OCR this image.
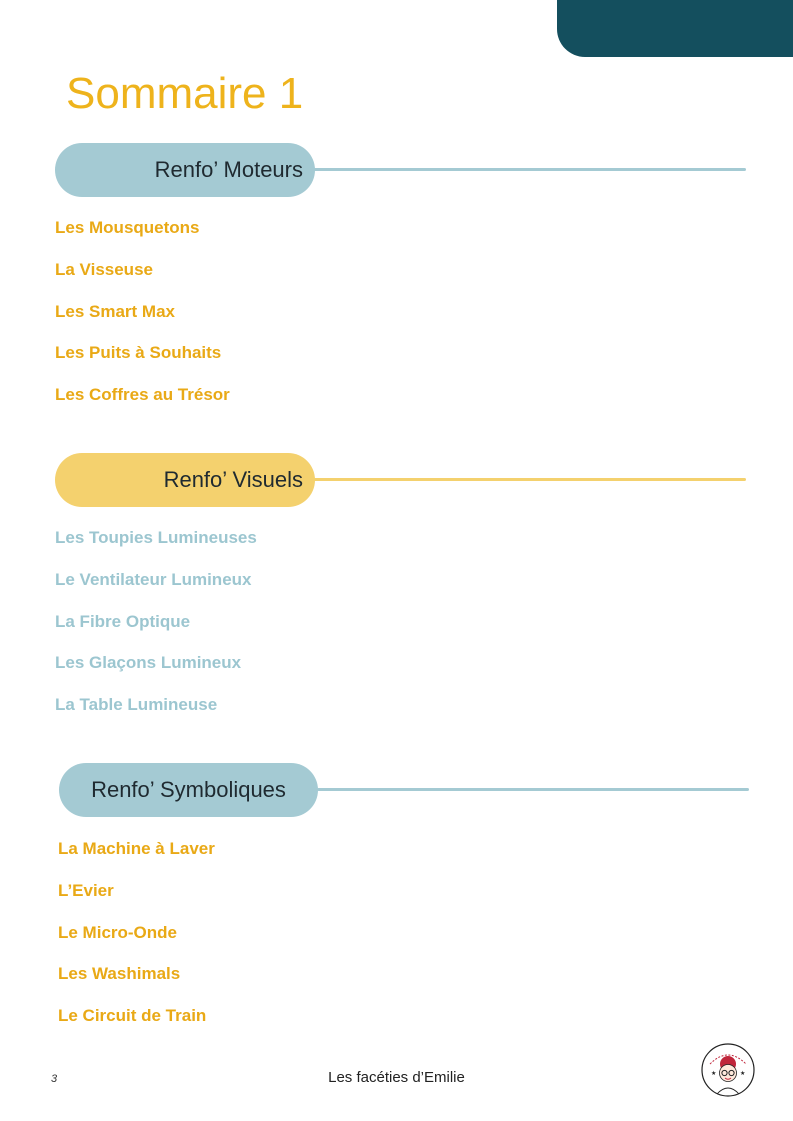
Sommaire 1
Renfo’ Moteurs
Les Mousquetons
La Visseuse
Les Smart Max
Les Puits à Souhaits
Les Coffres au Trésor
Renfo’ Visuels
Les Toupies Lumineuses
Le Ventilateur Lumineux
La Fibre Optique
Les Glaçons Lumineux
La Table Lumineuse
Renfo’ Symboliques
La Machine à Laver
L’Evier
Le Micro-Onde
Les Washimals
Le Circuit de Train
3	Les facéties d’Emilie	★	★
